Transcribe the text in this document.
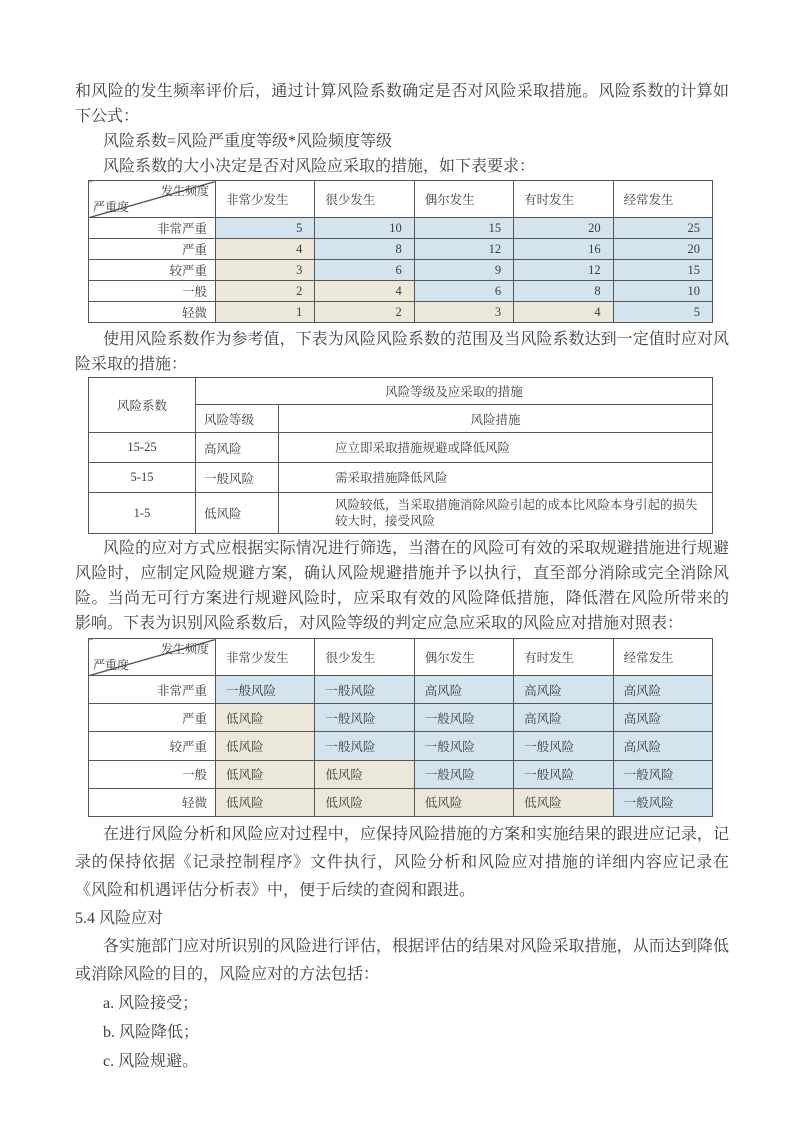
和风险的发生频率评价后，通过计算风险系数确定是否对风险采取措施。风险系数的计算如下公式：

风险系数=风险严重度等级*风险频度等级

风险系数的大小决定是否对风险应采取的措施，如下表要求：

发生频度
严重度	非常少发生	很少发生	偶尔发生	有时发生	经常发生
非常严重	5	10	15	20	25
严重	4	8	12	16	20
较严重	3	6	9	12	15
一般	2	4	6	8	10
轻微	1	2	3	4	5

使用风险系数作为参考值，下表为风险风险系数的范围及当风险系数达到一定值时应对风险采取的措施：

风险系数	风险等级及应采取的措施	
	风险等级	风险措施
15-25	高风险	应立即采取措施规避或降低风险
5-15	一般风险	需采取措施降低风险
1-5	低风险	风险较低，当采取措施消除风险引起的成本比风险本身引起的损失较大时，接受风险

风险的应对方式应根据实际情况进行筛选，当潜在的风险可有效的采取规避措施进行规避风险时，应制定风险规避方案，确认风险规避措施并予以执行，直至部分消除或完全消除风险。当尚无可行方案进行规避风险时，应采取有效的风险降低措施，降低潜在风险所带来的影响。下表为识别风险系数后，对风险等级的判定应急应采取的风险应对措施对照表：

发生频度
严重度	非常少发生	很少发生	偶尔发生	有时发生	经常发生
非常严重	一般风险	一般风险	高风险	高风险	高风险
严重	低风险	一般风险	一般风险	高风险	高风险
较严重	低风险	一般风险	一般风险	一般风险	高风险
一般	低风险	低风险	一般风险	一般风险	一般风险
轻微	低风险	低风险	低风险	低风险	一般风险

在进行风险分析和风险应对过程中，应保持风险措施的方案和实施结果的跟进应记录，记录的保持依据《记录控制程序》文件执行，风险分析和风险应对措施的详细内容应记录在《风险和机遇评估分析表》中，便于后续的查阅和跟进。

5.4 风险应对

各实施部门应对所识别的风险进行评估，根据评估的结果对风险采取措施，从而达到降低或消除风险的目的，风险应对的方法包括：

a. 风险接受；

b. 风险降低；

c. 风险规避。
